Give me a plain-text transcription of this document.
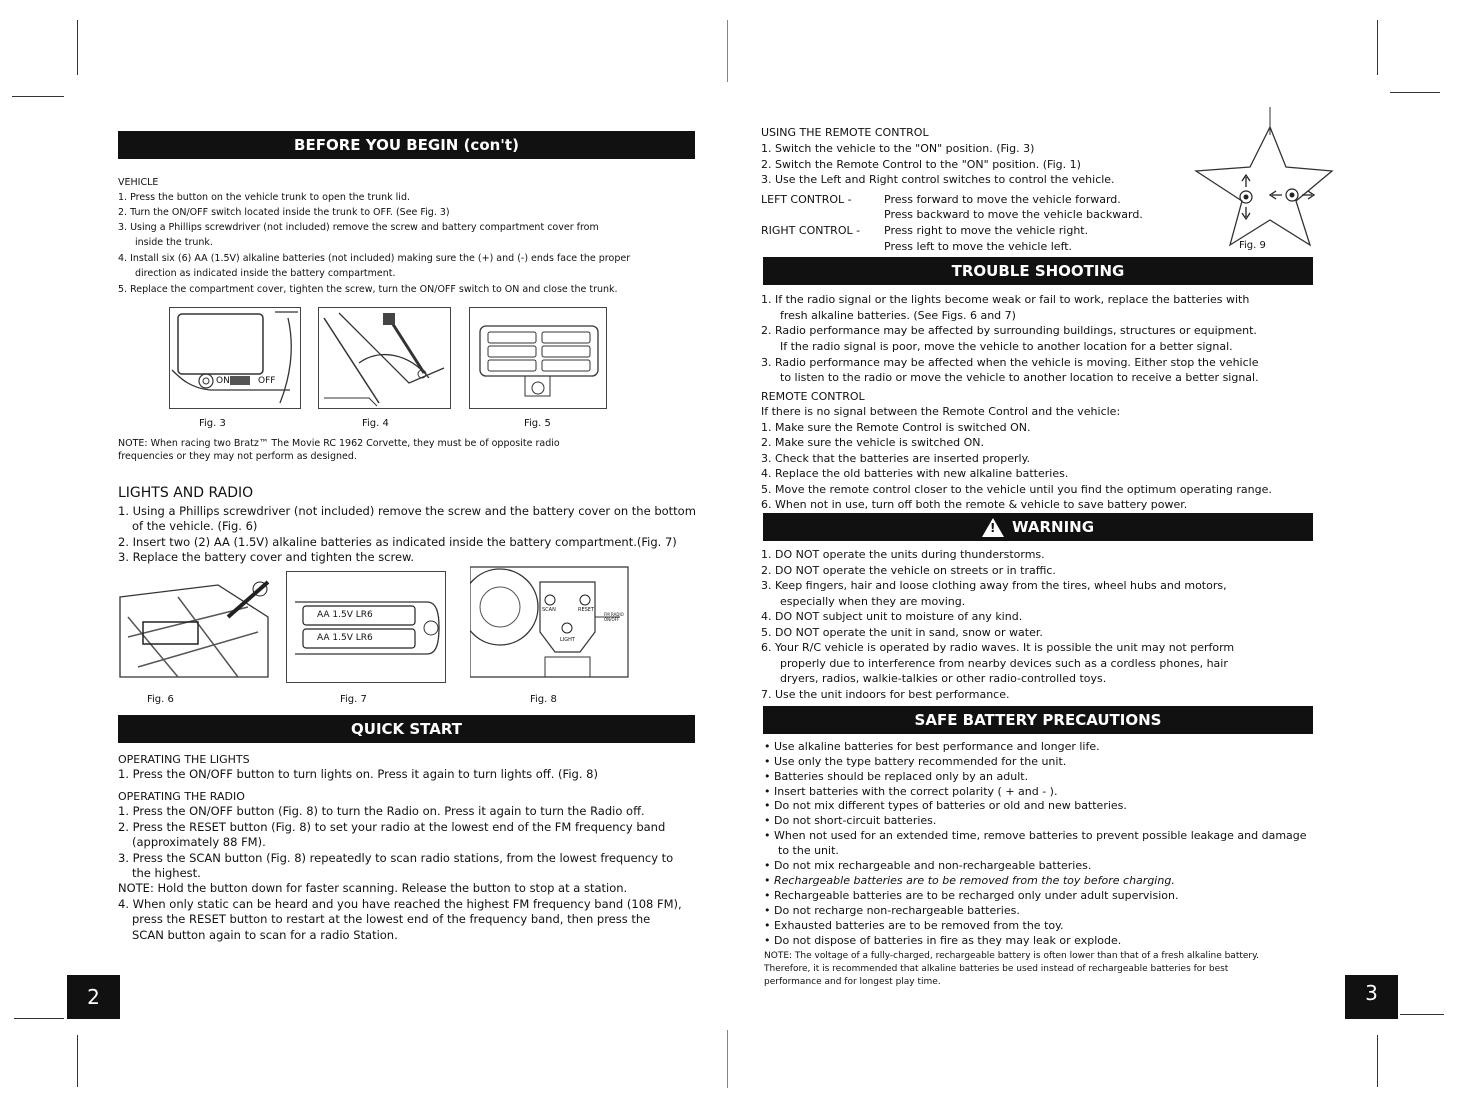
BEFORE YOU BEGIN (con't)
VEHICLE
1. Press the button on the vehicle trunk to open the trunk lid.
2. Turn the ON/OFF switch located inside the trunk to OFF. (See Fig. 3)
3. Using a Phillips screwdriver (not included) remove the screw and battery compartment cover from
inside the trunk.
4. Install six (6) AA (1.5V) alkaline batteries (not included) making sure the (+) and (-) ends face the proper
direction as indicated inside the battery compartment.
5. Replace the compartment cover, tighten the screw, turn the ON/OFF switch to ON and close the trunk.
ON	OFF
Fig. 3	Fig. 4	Fig. 5
NOTE: When racing two Bratz™ The Movie RC 1962 Corvette, they must be of opposite radio
frequencies or they may not perform as designed.
LIGHTS AND RADIO
1. Using a Phillips screwdriver (not included) remove the screw and the battery cover on the bottom
of the vehicle. (Fig. 6)
2. Insert two (2) AA (1.5V) alkaline batteries as indicated inside the battery compartment.(Fig. 7)
3. Replace the battery cover and tighten the screw.
AA 1.5V LR6
AA 1.5V LR6
SCAN	RESET
LIGHT
FM RADIO ON/OFF
Fig. 6	Fig. 7	Fig. 8
QUICK START
OPERATING THE LIGHTS
1. Press the ON/OFF button to turn lights on. Press it again to turn lights off. (Fig. 8)
OPERATING THE RADIO
1. Press the ON/OFF button (Fig. 8) to turn the Radio on. Press it again to turn the Radio off.
2. Press the RESET button (Fig. 8) to set your radio at the lowest end of the FM frequency band
(approximately 88 FM).
3. Press the SCAN button (Fig. 8) repeatedly to scan radio stations, from the lowest frequency to
the highest.
NOTE: Hold the button down for faster scanning. Release the button to stop at a station.
4. When only static can be heard and you have reached the highest FM frequency band (108 FM),
press the RESET button to restart at the lowest end of the frequency band, then press the
SCAN button again to scan for a radio Station.
2
USING THE REMOTE CONTROL
1. Switch the vehicle to the "ON" position. (Fig. 3)
2. Switch the Remote Control to the "ON" position. (Fig. 1)
3. Use the Left and Right control switches to control the vehicle.
LEFT CONTROL -	Press forward to move the vehicle forward.
Press backward to move the vehicle backward.
RIGHT CONTROL - Press right to move the vehicle right.
Press left to move the vehicle left.	Fig. 9
TROUBLE SHOOTING
1. If the radio signal or the lights become weak or fail to work, replace the batteries with
fresh alkaline batteries. (See Figs. 6 and 7)
2. Radio performance may be affected by surrounding buildings, structures or equipment.
If the radio signal is poor, move the vehicle to another location for a better signal.
3. Radio performance may be affected when the vehicle is moving. Either stop the vehicle
to listen to the radio or move the vehicle to another location to receive a better signal.
REMOTE CONTROL
If there is no signal between the Remote Control and the vehicle:
1. Make sure the Remote Control is switched ON.
2. Make sure the vehicle is switched ON.
3. Check that the batteries are inserted properly.
4. Replace the old batteries with new alkaline batteries.
5. Move the remote control closer to the vehicle until you find the optimum operating range.
6. When not in use, turn off both the remote & vehicle to save battery power.
! WARNING
1. DO NOT operate the units during thunderstorms.
2. DO NOT operate the vehicle on streets or in traffic.
3. Keep fingers, hair and loose clothing away from the tires, wheel hubs and motors,
especially when they are moving.
4. DO NOT subject unit to moisture of any kind.
5. DO NOT operate the unit in sand, snow or water.
6. Your R/C vehicle is operated by radio waves. It is possible the unit may not perform
properly due to interference from nearby devices such as a cordless phones, hair
dryers, radios, walkie-talkies or other radio-controlled toys.
7. Use the unit indoors for best performance.
SAFE BATTERY PRECAUTIONS
• Use alkaline batteries for best performance and longer life.
• Use only the type battery recommended for the unit.
• Batteries should be replaced only by an adult.
• Insert batteries with the correct polarity ( + and - ).
• Do not mix different types of batteries or old and new batteries.
• Do not short-circuit batteries.
• When not used for an extended time, remove batteries to prevent possible leakage and damage
to the unit.
• Do not mix rechargeable and non-rechargeable batteries.
• Rechargeable batteries are to be removed from the toy before charging.
• Rechargeable batteries are to be recharged only under adult supervision.
• Do not recharge non-rechargeable batteries.
• Exhausted batteries are to be removed from the toy.
• Do not dispose of batteries in fire as they may leak or explode.
NOTE: The voltage of a fully-charged, rechargeable battery is often lower than that of a fresh alkaline battery.
Therefore, it is recommended that alkaline batteries be used instead of rechargeable batteries for best
performance and for longest play time.	3
